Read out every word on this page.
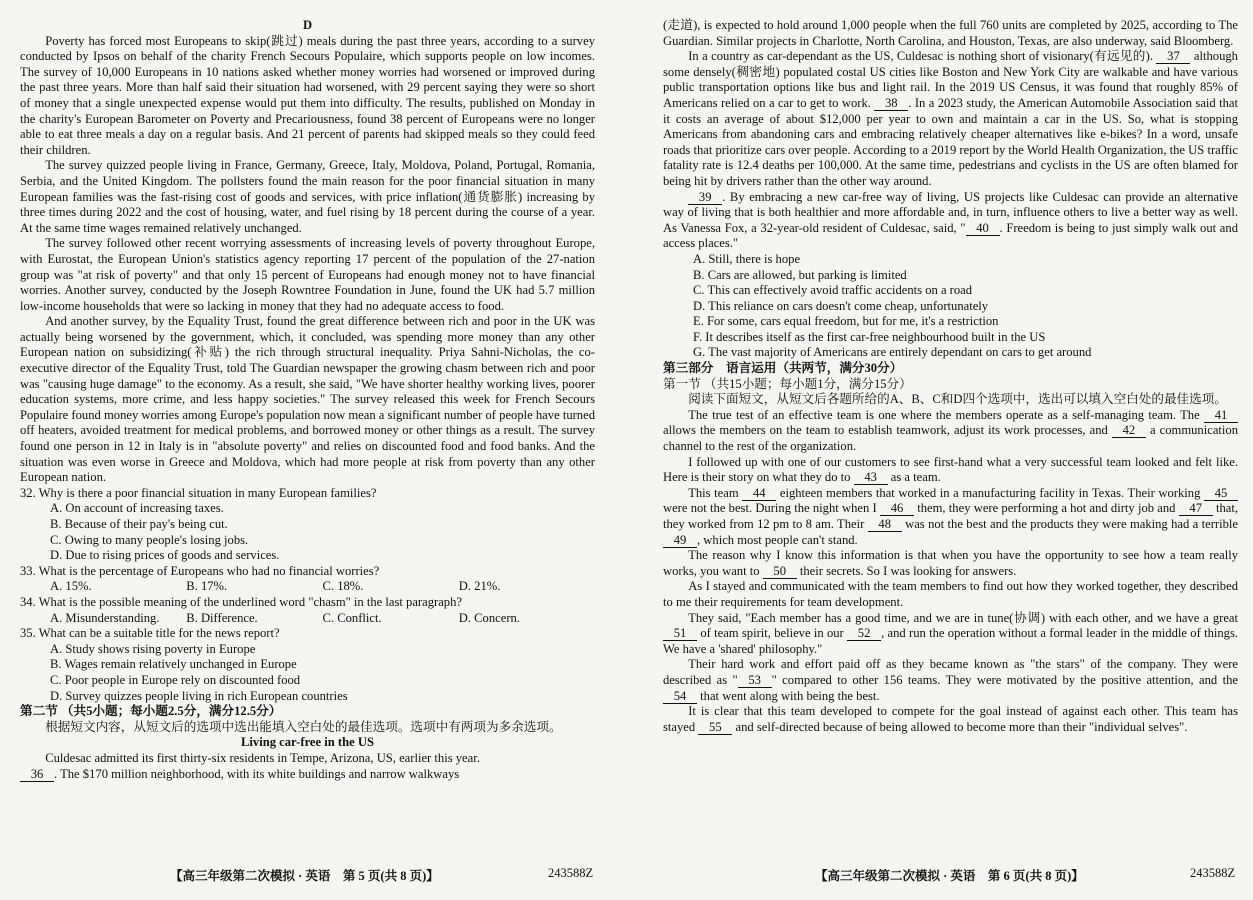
D

Poverty has forced most Europeans to skip(跳过) meals during the past three years, according to a survey conducted by Ipsos on behalf of the charity French Secours Populaire, which supports people on low incomes. The survey of 10,000 Europeans in 10 nations asked whether money worries had worsened or improved during the past three years. More than half said their situation had worsened, with 29 percent saying they were so short of money that a single unexpected expense would put them into difficulty. The results, published on Monday in the charity's European Barometer on Poverty and Precariousness, found 38 percent of Europeans were no longer able to eat three meals a day on a regular basis. And 21 percent of parents had skipped meals so they could feed their children.

The survey quizzed people living in France, Germany, Greece, Italy, Moldova, Poland, Portugal, Romania, Serbia, and the United Kingdom. The pollsters found the main reason for the poor financial situation in many European families was the fast-rising cost of goods and services, with price inflation(通货膨胀) increasing by three times during 2022 and the cost of housing, water, and fuel rising by 18 percent during the course of a year. At the same time wages remained relatively unchanged.

The survey followed other recent worrying assessments of increasing levels of poverty throughout Europe, with Eurostat, the European Union's statistics agency reporting 17 percent of the population of the 27-nation group was "at risk of poverty" and that only 15 percent of Europeans had enough money not to have financial worries. Another survey, conducted by the Joseph Rowntree Foundation in June, found the UK had 5.7 million low-income households that were so lacking in money that they had no adequate access to food.

And another survey, by the Equality Trust, found the great difference between rich and poor in the UK was actually being worsened by the government, which, it concluded, was spending more money than any other European nation on subsidizing(补贴) the rich through structural inequality. Priya Sahni-Nicholas, the co-executive director of the Equality Trust, told The Guardian newspaper the growing chasm between rich and poor was "causing huge damage" to the economy. As a result, she said, "We have shorter healthy working lives, poorer education systems, more crime, and less happy societies." The survey released this week for French Secours Populaire found money worries among Europe's population now mean a significant number of people have turned off heaters, avoided treatment for medical problems, and borrowed money or other things as a result. The survey found one person in 12 in Italy is in "absolute poverty" and relies on discounted food and food banks. And the situation was even worse in Greece and Moldova, which had more people at risk from poverty than any other European nation.

32. Why is there a poor financial situation in many European families?

A. On account of increasing taxes.

B. Because of their pay's being cut.

C. Owing to many people's losing jobs.

D. Due to rising prices of goods and services.

33. What is the percentage of Europeans who had no financial worries?

A. 15%.	B. 17%.	C. 18%.	D. 21%.

34. What is the possible meaning of the underlined word "chasm" in the last paragraph?

A. Misunderstanding.	B. Difference.	C. Conflict.	D. Concern.

35. What can be a suitable title for the news report?

A. Study shows rising poverty in Europe

B. Wages remain relatively unchanged in Europe

C. Poor people in Europe rely on discounted food

D. Survey quizzes people living in rich European countries

第二节 （共5小题；每小题2.5分，满分12.5分）

根据短文内容，从短文后的选项中选出能填入空白处的最佳选项。选项中有两项为多余选项。

Living car-free in the US

Culdesac admitted its first thirty-six residents in Tempe, Arizona, US, earlier this year.
36 . The $170 million neighborhood, with its white buildings and narrow walkways

【高三年级第二次模拟 · 英语　第 5 页(共 8 页)】	243588Z

(走道), is expected to hold around 1,000 people when the full 760 units are completed by 2025, according to The Guardian. Similar projects in Charlotte, North Carolina, and Houston, Texas, are also underway, said Bloomberg.

In a country as car-dependant as the US, Culdesac is nothing short of visionary(有远见的). 37 although some densely(稠密地) populated costal US cities like Boston and New York City are walkable and have various public transportation options like bus and light rail. In the 2019 US Census, it was found that roughly 85% of Americans relied on a car to get to work. 38 . In a 2023 study, the American Automobile Association said that it costs an average of about $12,000 per year to own and maintain a car in the US. So, what is stopping Americans from abandoning cars and embracing relatively cheaper alternatives like e-bikes? In a word, unsafe roads that prioritize cars over people. According to a 2019 report by the World Health Organization, the US traffic fatality rate is 12.4 deaths per 100,000. At the same time, pedestrians and cyclists in the US are often blamed for being hit by drivers rather than the other way around.

39 . By embracing a new car-free way of living, US projects like Culdesac can provide an alternative way of living that is both healthier and more affordable and, in turn, influence others to live a better way as well. As Vanessa Fox, a 32-year-old resident of Culdesac, said, " 40 . Freedom is being to just simply walk out and access places."

A. Still, there is hope

B. Cars are allowed, but parking is limited

C. This can effectively avoid traffic accidents on a road

D. This reliance on cars doesn't come cheap, unfortunately

E. For some, cars equal freedom, but for me, it's a restriction

F. It describes itself as the first car-free neighbourhood built in the US

G. The vast majority of Americans are entirely dependant on cars to get around

第三部分　语言运用（共两节，满分30分）

第一节 （共15小题；每小题1分，满分15分）

阅读下面短文，从短文后各题所给的A、B、C和D四个选项中，选出可以填入空白处的最佳选项。

The true test of an effective team is one where the members operate as a self-managing team. The 41 allows the members on the team to establish teamwork, adjust its work processes, and 42 a communication channel to the rest of the organization.

I followed up with one of our customers to see first-hand what a very successful team looked and felt like. Here is their story on what they do to 43 as a team.

This team 44 eighteen members that worked in a manufacturing facility in Texas. Their working 45 were not the best. During the night when I 46 them, they were performing a hot and dirty job and 47 that, they worked from 12 pm to 8 am. Their 48 was not the best and the products they were making had a terrible 49 , which most people can't stand.

The reason why I know this information is that when you have the opportunity to see how a team really works, you want to 50 their secrets. So I was looking for answers.

As I stayed and communicated with the team members to find out how they worked together, they described to me their requirements for team development.

They said, "Each member has a good time, and we are in tune(协调) with each other, and we have a great 51 of team spirit, believe in our 52 , and run the operation without a formal leader in the middle of things. We have a 'shared' philosophy."

Their hard work and effort paid off as they became known as "the stars" of the company. They were described as " 53 " compared to other 156 teams. They were motivated by the positive attention, and the 54 that went along with being the best.

It is clear that this team developed to compete for the goal instead of against each other. This team has stayed 55 and self-directed because of being allowed to become more than their "individual selves".

【高三年级第二次模拟 · 英语　第 6 页(共 8 页)】	243588Z
